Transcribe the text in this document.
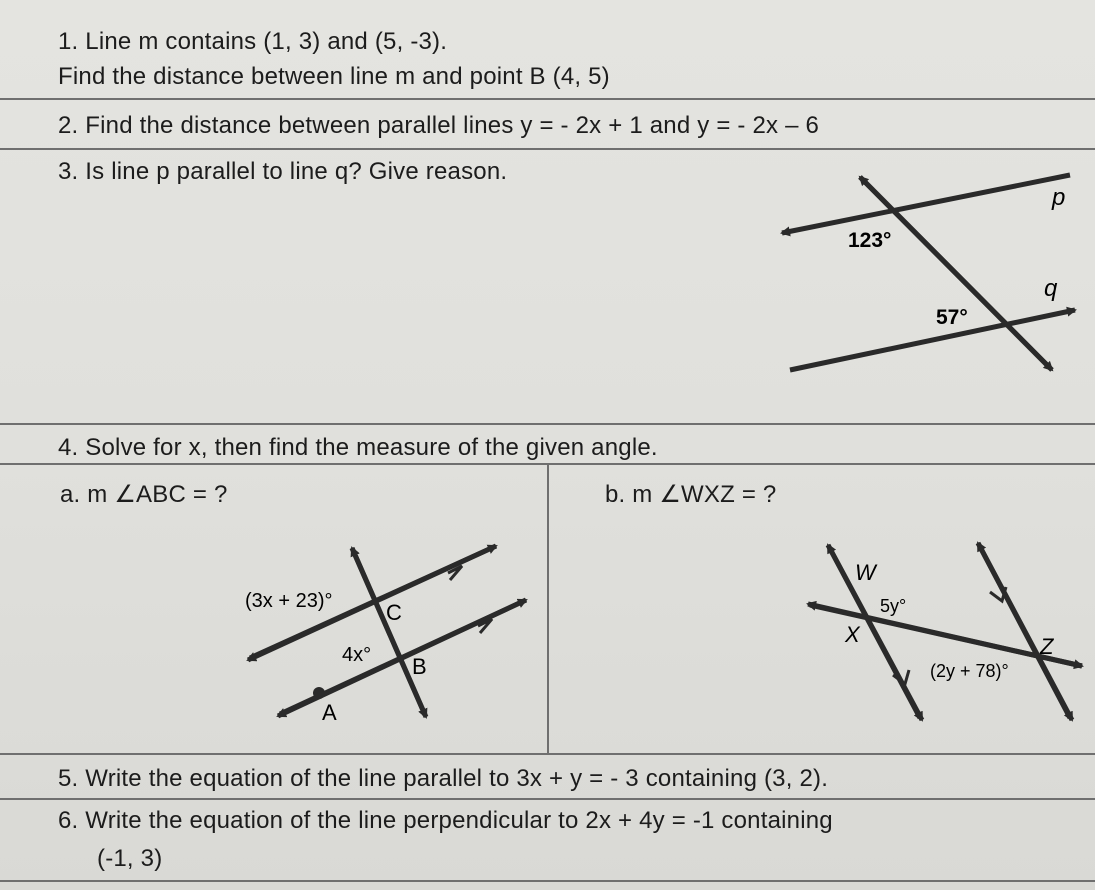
1. Line m contains (1, 3) and (5, -3).
Find the distance between line m and point B (4, 5)
2. Find the distance between parallel lines y = - 2x + 1 and y = - 2x – 6
3. Is line p parallel to line q? Give reason.
123°
57°
p
q
4. Solve for x, then find the measure of the given angle.
a. m ∠ABC = ?	b. m ∠WXZ = ?
(3x + 23)°
4x°
C
B
A
W
X	Z
5y°
(2y + 78)°
5. Write the equation of the line parallel to 3x + y = - 3 containing (3, 2).
6. Write the equation of the line perpendicular to 2x + 4y = -1 containing
(-1, 3)
